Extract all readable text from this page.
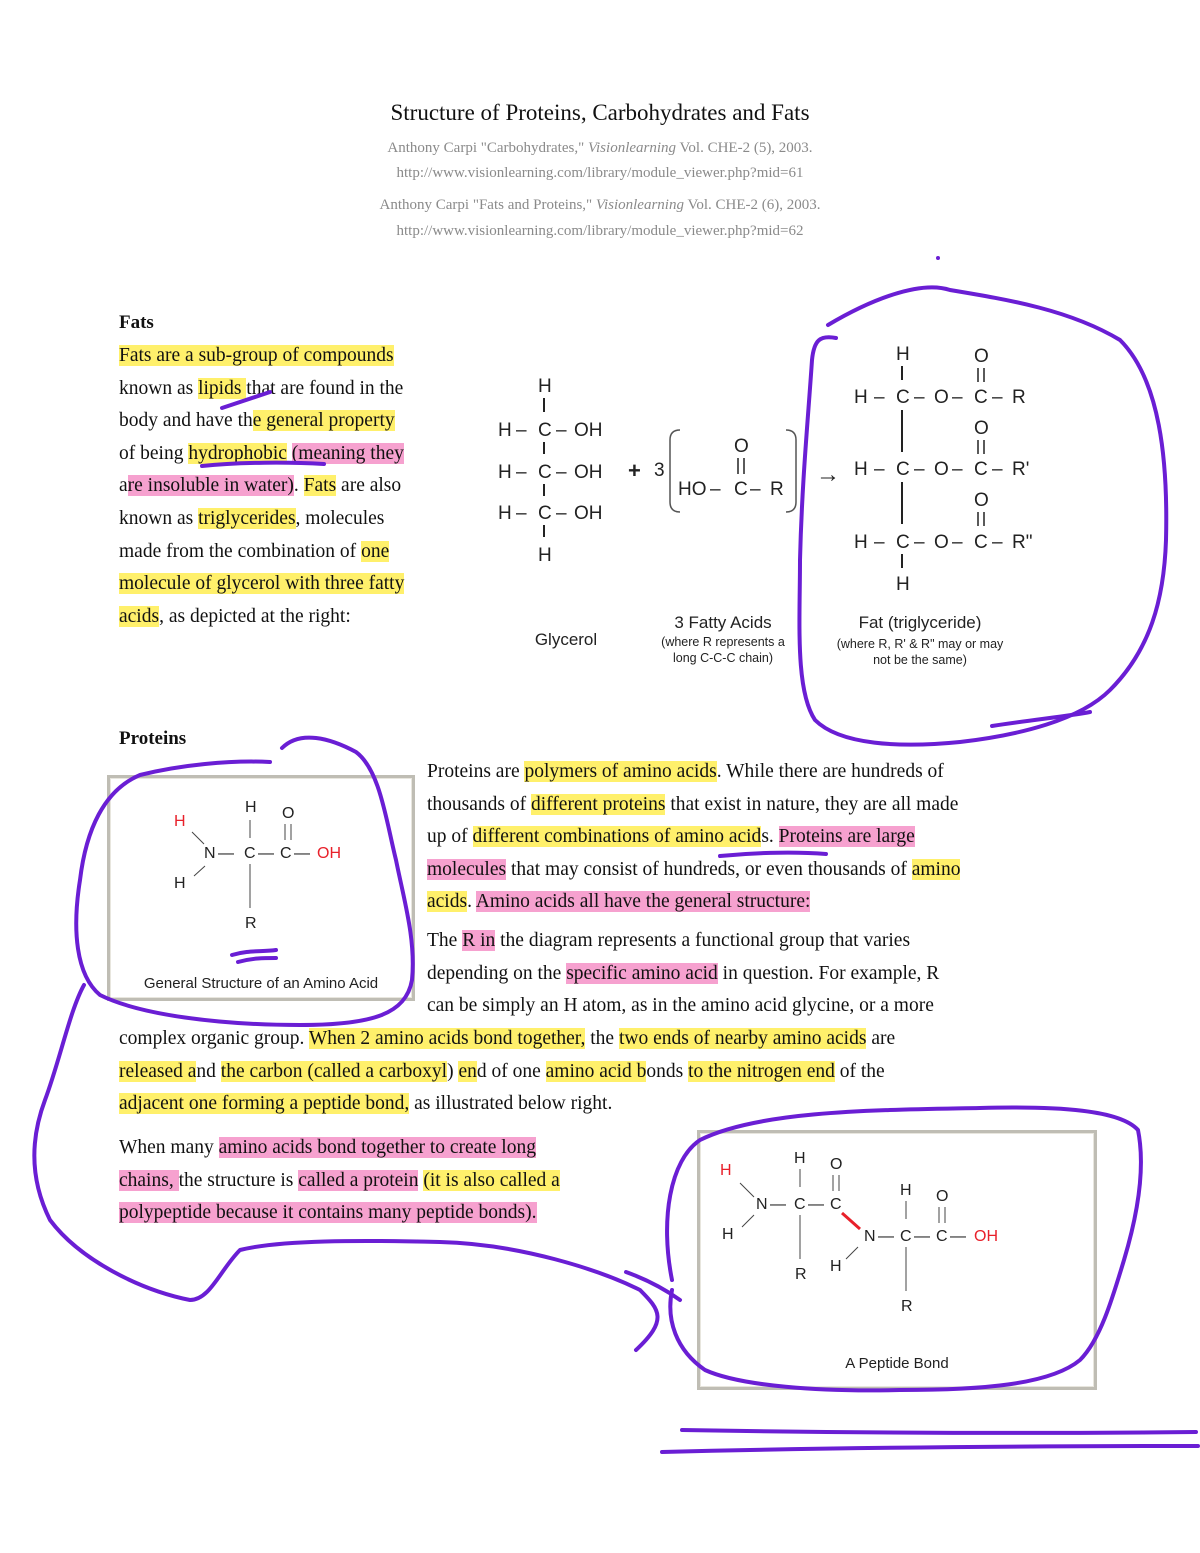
Structure of Proteins, Carbohydrates and Fats
Anthony Carpi "Carbohydrates," Visionlearning Vol. CHE-2 (5), 2003.
http://www.visionlearning.com/library/module_viewer.php?mid=61
Anthony Carpi "Fats and Proteins," Visionlearning Vol. CHE-2 (6), 2003.
http://www.visionlearning.com/library/module_viewer.php?mid=62
Fats
Fats are a sub-group of compounds
known as lipids that are found in the
body and have the general property
of being hydrophobic (meaning they
are insoluble in water). Fats are also
known as triglycerides, molecules
made from the combination of one
molecule of glycerol with three fatty
acids, as depicted at the right:
H
H – C – OH
H – C – OH
H – C – OH
H
+ 3
O
HO – C – R
→
H	O
H – C – O – C – R
O
H – C – O – C – R'
O
H – C – O – C – R"
H
Glycerol
3 Fatty Acids
(where R represents a
long C-C-C chain)
Fat (triglyceride)
(where R, R' & R" may or may
not be the same)
Proteins
H
H O
N — C — C — OH
H
R
General Structure of an Amino Acid
Proteins are polymers of amino acids. While there are hundreds of
thousands of different proteins that exist in nature, they are all made
up of different combinations of amino acids. Proteins are large
molecules that may consist of hundreds, or even thousands of amino
acids. Amino acids all have the general structure:
The R in the diagram represents a functional group that varies
depending on the specific amino acid in question. For example, R
can be simply an H atom, as in the amino acid glycine, or a more
complex organic group. When 2 amino acids bond together, the two ends of nearby amino acids are
released and the carbon (called a carboxyl) end of one amino acid bonds to the nitrogen end of the
adjacent one forming a peptide bond, as illustrated below right.
When many amino acids bond together to create long
chains, the structure is called a protein (it is also called a
polypeptide because it contains many peptide bonds).
H
H O
N — C — C
H
R
H O
N — C — C — OH
H
R
A Peptide Bond
